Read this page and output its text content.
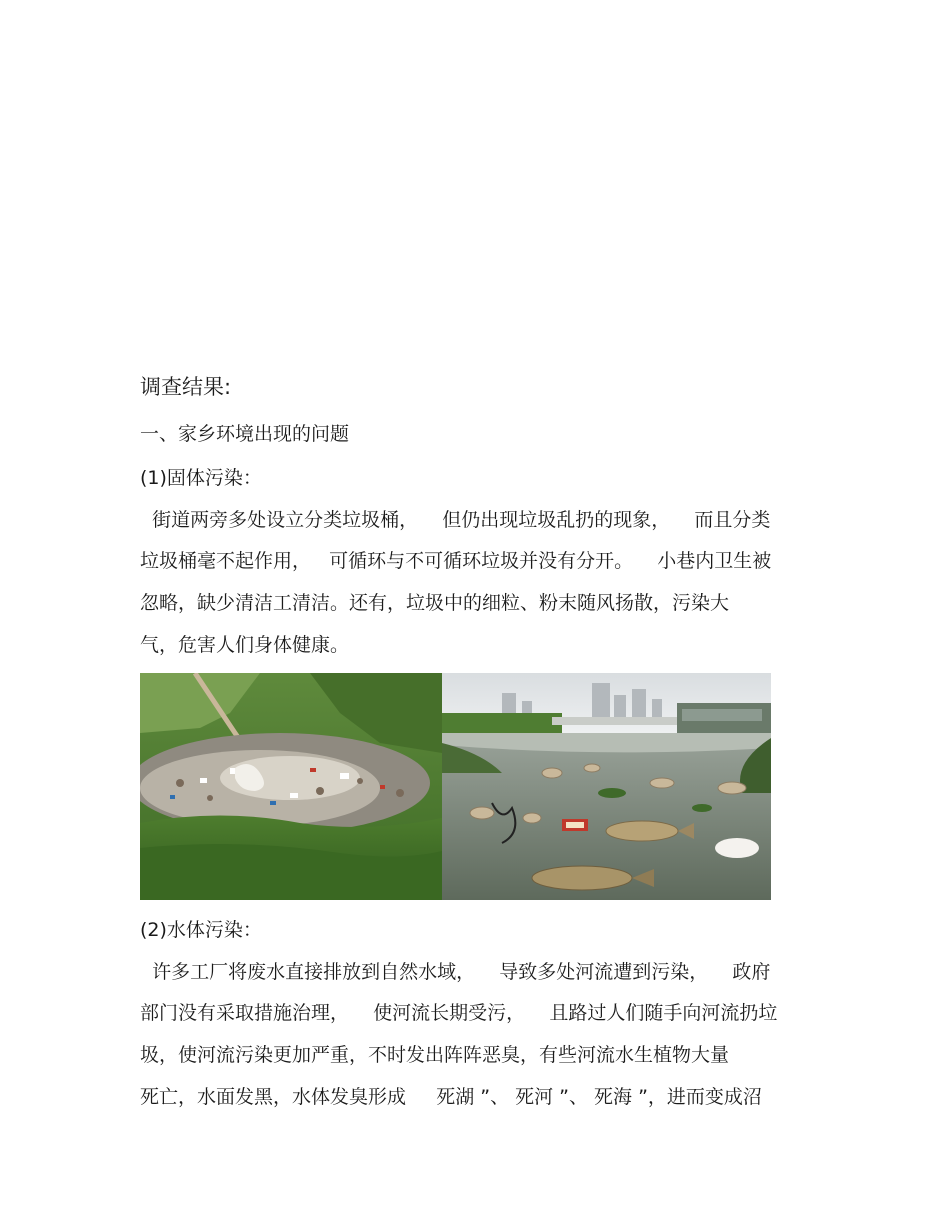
调查结果:

一、家乡环境出现的问题

(1)固体污染：

街道两旁多处设立分类垃圾桶，    但仍出现垃圾乱扔的现象，    而且分类

垃圾桶毫不起作用，   可循环与不可循环垃圾并没有分开。    小巷内卫生被

忽略，缺少清洁工清洁。还有，垃圾中的细粒、粉末随风扬散，污染大

气，危害人们身体健康。

(2)水体污染：

许多工厂将废水直接排放到自然水域，    导致多处河流遭到污染，    政府

部门没有采取措施治理，    使河流长期受污，    且路过人们随手向河流扔垃

圾，使河流污染更加严重，不时发出阵阵恶臭，有些河流水生植物大量

死亡，水面发黑，水体发臭形成     死湖 ”、 死河 ”、 死海 ”，进而变成沼
